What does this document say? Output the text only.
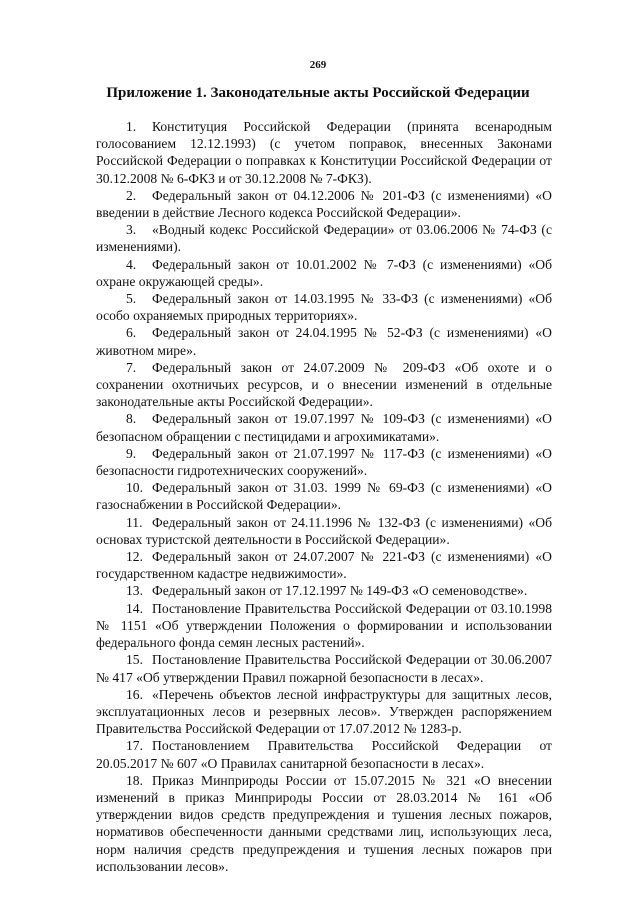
269
Приложение 1. Законодательные акты Российской Федерации

1. Конституция Российской Федерации (принята всенародным голосованием 12.12.1993) (с учетом поправок, внесенных Законами Российской Федерации о поправках к Конституции Российской Федерации от 30.12.2008 № 6-ФКЗ и от 30.12.2008 № 7-ФКЗ).

2. Федеральный закон от 04.12.2006 № 201-ФЗ (с изменениями) «О введении в действие Лесного кодекса Российской Федерации».

3. «Водный кодекс Российской Федерации» от 03.06.2006 № 74-ФЗ (с изменениями).

4. Федеральный закон от 10.01.2002 № 7-ФЗ (с изменениями) «Об охране окружающей среды».

5. Федеральный закон от 14.03.1995 № 33-ФЗ (с изменениями) «Об особо охраняемых природных территориях».

6. Федеральный закон от 24.04.1995 № 52-ФЗ (с изменениями) «О животном мире».

7. Федеральный закон от 24.07.2009 № 209-ФЗ «Об охоте и о сохранении охотничьих ресурсов, и о внесении изменений в отдельные законодательные акты Российской Федерации».

8. Федеральный закон от 19.07.1997 № 109-ФЗ (с изменениями) «О безопасном обращении с пестицидами и агрохимикатами».

9. Федеральный закон от 21.07.1997 № 117-ФЗ (с изменениями) «О безопасности гидротехнических сооружений».

10. Федеральный закон от 31.03. 1999 № 69-ФЗ (с изменениями) «О газоснабжении в Российской Федерации».

11. Федеральный закон от 24.11.1996 № 132-ФЗ (с изменениями) «Об основах туристской деятельности в Российской Федерации».

12. Федеральный закон от 24.07.2007 № 221-ФЗ (с изменениями) «О государственном кадастре недвижимости».

13. Федеральный закон от 17.12.1997 № 149-ФЗ «О семеноводстве».

14. Постановление Правительства Российской Федерации от 03.10.1998 № 1151 «Об утверждении Положения о формировании и использовании федерального фонда семян лесных растений».

15. Постановление Правительства Российской Федерации от 30.06.2007 № 417 «Об утверждении Правил пожарной безопасности в лесах».

16. «Перечень объектов лесной инфраструктуры для защитных лесов, эксплуатационных лесов и резервных лесов». Утвержден распоряжением Правительства Российской Федерации от 17.07.2012 № 1283-р.

17. Постановлением Правительства Российской Федерации от 20.05.2017 № 607 «О Правилах санитарной безопасности в лесах».

18. Приказ Минприроды России от 15.07.2015 № 321 «О внесении изменений в приказ Минприроды России от 28.03.2014 № 161 «Об утверждении видов средств предупреждения и тушения лесных пожаров, нормативов обеспеченности данными средствами лиц, использующих леса, норм наличия средств предупреждения и тушения лесных пожаров при использовании лесов».
